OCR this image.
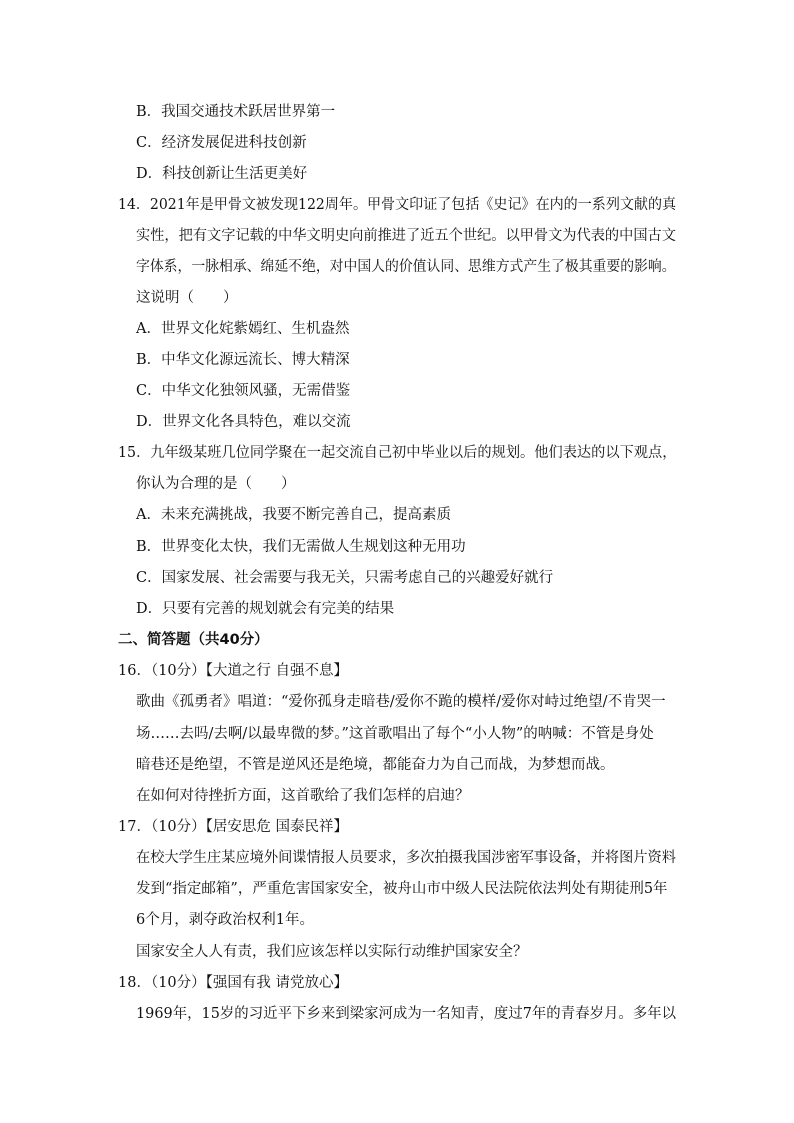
B．我国交通技术跃居世界第一
C．经济发展促进科技创新
D．科技创新让生活更美好
14．2021年是甲骨文被发现122周年。甲骨文印证了包括《史记》在内的一系列文献的真
实性，把有文字记载的中华文明史向前推进了近五个世纪。以甲骨文为代表的中国古文
字体系，一脉相承、绵延不绝，对中国人的价值认同、思维方式产生了极其重要的影响。
这说明（　　）
A．世界文化姹紫嫣红、生机盎然
B．中华文化源远流长、博大精深
C．中华文化独领风骚，无需借鉴
D．世界文化各具特色，难以交流
15．九年级某班几位同学聚在一起交流自己初中毕业以后的规划。他们表达的以下观点，
你认为合理的是（　　）
A．未来充满挑战，我要不断完善自己，提高素质
B．世界变化太快，我们无需做人生规划这种无用功
C．国家发展、社会需要与我无关，只需考虑自己的兴趣爱好就行
D．只要有完善的规划就会有完美的结果
二、简答题（共40分）
16．（10分）【大道之行 自强不息】
歌曲《孤勇者》唱道：“爱你孤身走暗巷/爱你不跪的模样/爱你对峙过绝望/不肯哭一
场……去吗/去啊/以最卑微的梦。”这首歌唱出了每个“小人物”的呐喊：不管是身处
暗巷还是绝望，不管是逆风还是绝境，都能奋力为自己而战，为梦想而战。
在如何对待挫折方面，这首歌给了我们怎样的启迪？
17．（10分）【居安思危 国泰民祥】
在校大学生庄某应境外间谍情报人员要求，多次拍摄我国涉密军事设备，并将图片资料
发到“指定邮箱”，严重危害国家安全，被舟山市中级人民法院依法判处有期徒刑5年
6个月，剥夺政治权利1年。
国家安全人人有责，我们应该怎样以实际行动维护国家安全？
18．（10分）【强国有我 请党放心】
1969年，15岁的习近平下乡来到梁家河成为一名知青，度过7年的青春岁月。多年以
